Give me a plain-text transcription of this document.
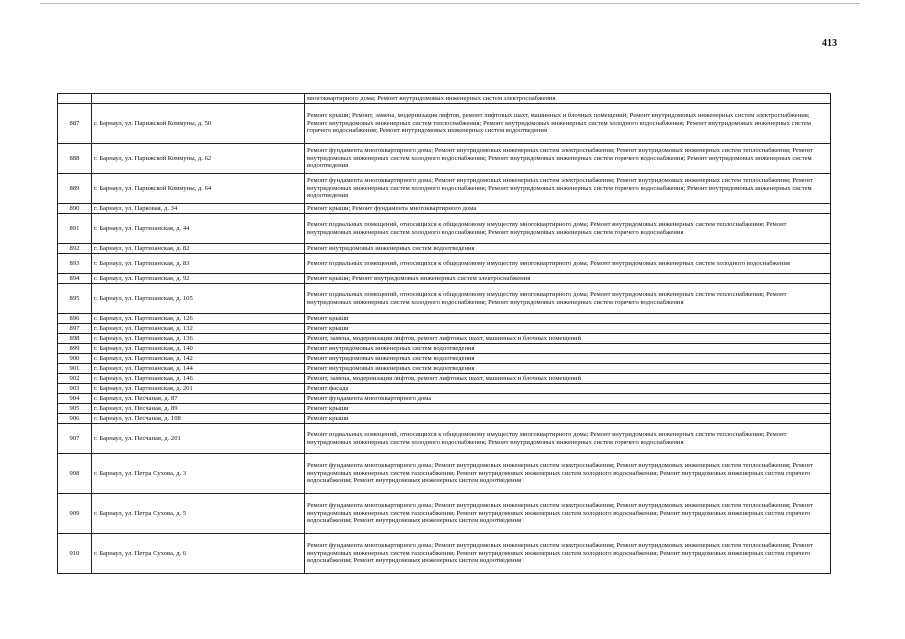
413
		многоквартирного дома; Ремонт внутридомовых инженерных систем электроснабжения
887	г. Барнаул, ул. Парижской Коммуны, д. 50	Ремонт крыши; Ремонт, замена, модернизация лифтов, ремонт лифтовых шахт, машинных и блочных помещений; Ремонт внутридомовых инженерных систем электроснабжения; Ремонт внутридомовых инженерных систем теплоснабжения; Ремонт внутридомовых инженерных систем холодного водоснабжения; Ремонт внутридомовых инженерных систем горячего водоснабжения; Ремонт внутридомовых инженерных систем водоотведения
888	г. Барнаул, ул. Парижской Коммуны, д. 62	Ремонт фундамента многоквартирного дома; Ремонт внутридомовых инженерных систем электроснабжения; Ремонт внутридомовых инженерных систем теплоснабжения; Ремонт внутридомовых инженерных систем холодного водоснабжения; Ремонт внутридомовых инженерных систем горячего водоснабжения; Ремонт внутридомовых инженерных систем водоотведения
889	г. Барнаул, ул. Парижской Коммуны, д. 64	Ремонт фундамента многоквартирного дома; Ремонт внутридомовых инженерных систем электроснабжения; Ремонт внутридомовых инженерных систем теплоснабжения; Ремонт внутридомовых инженерных систем холодного водоснабжения; Ремонт внутридомовых инженерных систем горячего водоснабжения; Ремонт внутридомовых инженерных систем водоотведения
890	г. Барнаул, ул. Парковая, д. 34	Ремонт крыши; Ремонт фундамента многоквартирного дома
891	г. Барнаул, ул. Партизанская, д. 44	Ремонт подвальных помещений, относящихся к общедомовому имуществу многоквартирного дома; Ремонт внутридомовых инженерных систем теплоснабжения; Ремонт внутридомовых инженерных систем холодного водоснабжения; Ремонт внутридомовых инженерных систем горячего водоснабжения
892	г. Барнаул, ул. Партизанская, д. 82	Ремонт внутридомовых инженерных систем водоотведения
893	г. Барнаул, ул. Партизанская, д. 83	Ремонт подвальных помещений, относящихся к общедомовому имуществу многоквартирного дома; Ремонт внутридомовых инженерных систем холодного водоснабжения
894	г. Барнаул, ул. Партизанская, д. 92	Ремонт крыши; Ремонт внутридомовых инженерных систем электроснабжения
895	г. Барнаул, ул. Партизанская, д. 105	Ремонт подвальных помещений, относящихся к общедомовому имуществу многоквартирного дома; Ремонт внутридомовых инженерных систем теплоснабжения; Ремонт внутридомовых инженерных систем холодного водоснабжения; Ремонт внутридомовых инженерных систем горячего водоснабжения
896	г. Барнаул, ул. Партизанская, д. 126	Ремонт крыши
897	г. Барнаул, ул. Партизанская, д. 132	Ремонт крыши
898	г. Барнаул, ул. Партизанская, д. 136	Ремонт, замена, модернизация лифтов, ремонт лифтовых шахт, машинных и блочных помещений
899	г. Барнаул, ул. Партизанская, д. 140	Ремонт внутридомовых инженерных систем водоотведения
900	г. Барнаул, ул. Партизанская, д. 142	Ремонт внутридомовых инженерных систем водоотведения
901	г. Барнаул, ул. Партизанская, д. 144	Ремонт внутридомовых инженерных систем водоотведения
902	г. Барнаул, ул. Партизанская, д. 146	Ремонт, замена, модернизация лифтов, ремонт лифтовых шахт, машинных и блочных помещений
903	г. Барнаул, ул. Партизанская, д. 201	Ремонт фасада
904	г. Барнаул, ул. Песчаная, д. 87	Ремонт фундамента многоквартирного дома
905	г. Барнаул, ул. Песчаная, д. 89	Ремонт крыши
906	г. Барнаул, ул. Песчаная, д. 108	Ремонт крыши
907	г. Барнаул, ул. Песчаная, д. 201	Ремонт подвальных помещений, относящихся к общедомовому имуществу многоквартирного дома; Ремонт внутридомовых инженерных систем теплоснабжения; Ремонт внутридомовых инженерных систем холодного водоснабжения; Ремонт внутридомовых инженерных систем горячего водоснабжения
908	г. Барнаул, ул. Петра Сухова, д. 3	Ремонт фундамента многоквартирного дома; Ремонт внутридомовых инженерных систем электроснабжения; Ремонт внутридомовых инженерных систем теплоснабжения; Ремонт внутридомовых инженерных систем газоснабжения; Ремонт внутридомовых инженерных систем холодного водоснабжения; Ремонт внутридомовых инженерных систем горячего водоснабжения; Ремонт внутридомовых инженерных систем водоотведения
909	г. Барнаул, ул. Петра Сухова, д. 5	Ремонт фундамента многоквартирного дома; Ремонт внутридомовых инженерных систем электроснабжения; Ремонт внутридомовых инженерных систем теплоснабжения; Ремонт внутридомовых инженерных систем газоснабжения; Ремонт внутридомовых инженерных систем холодного водоснабжения; Ремонт внутридомовых инженерных систем горячего водоснабжения; Ремонт внутридомовых инженерных систем водоотведения
910	г. Барнаул, ул. Петра Сухова, д. 6	Ремонт фундамента многоквартирного дома; Ремонт внутридомовых инженерных систем электроснабжения; Ремонт внутридомовых инженерных систем теплоснабжения; Ремонт внутридомовых инженерных систем газоснабжения; Ремонт внутридомовых инженерных систем холодного водоснабжения; Ремонт внутридомовых инженерных систем горячего водоснабжения; Ремонт внутридомовых инженерных систем водоотведения
